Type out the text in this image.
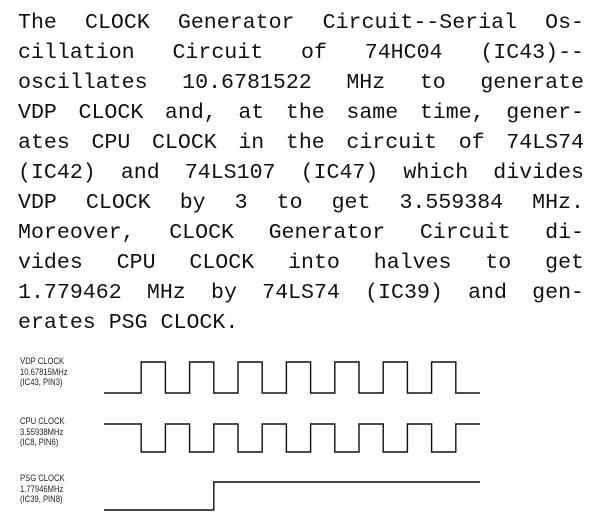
The CLOCK Generator Circuit--Serial Os-
cillation Circuit of 74HC04 (IC43)--
oscillates 10.6781522 MHz to generate
VDP CLOCK and, at the same time, gener-
ates CPU CLOCK in the circuit of 74LS74
(IC42) and 74LS107 (IC47) which divides
VDP CLOCK by 3 to get 3.559384 MHz.
Moreover, CLOCK Generator Circuit di-
vides CPU CLOCK into halves to get
1.779462 MHz by 74LS74 (IC39) and gen-
erates PSG CLOCK.
VDP CLOCK
10.67815MHz
(IC43, PIN3)
CPU CLOCK
3.55938MHz
(IC8, PIN6)
PSG CLOCK
1.77946MHz
(IC39, PIN8)
